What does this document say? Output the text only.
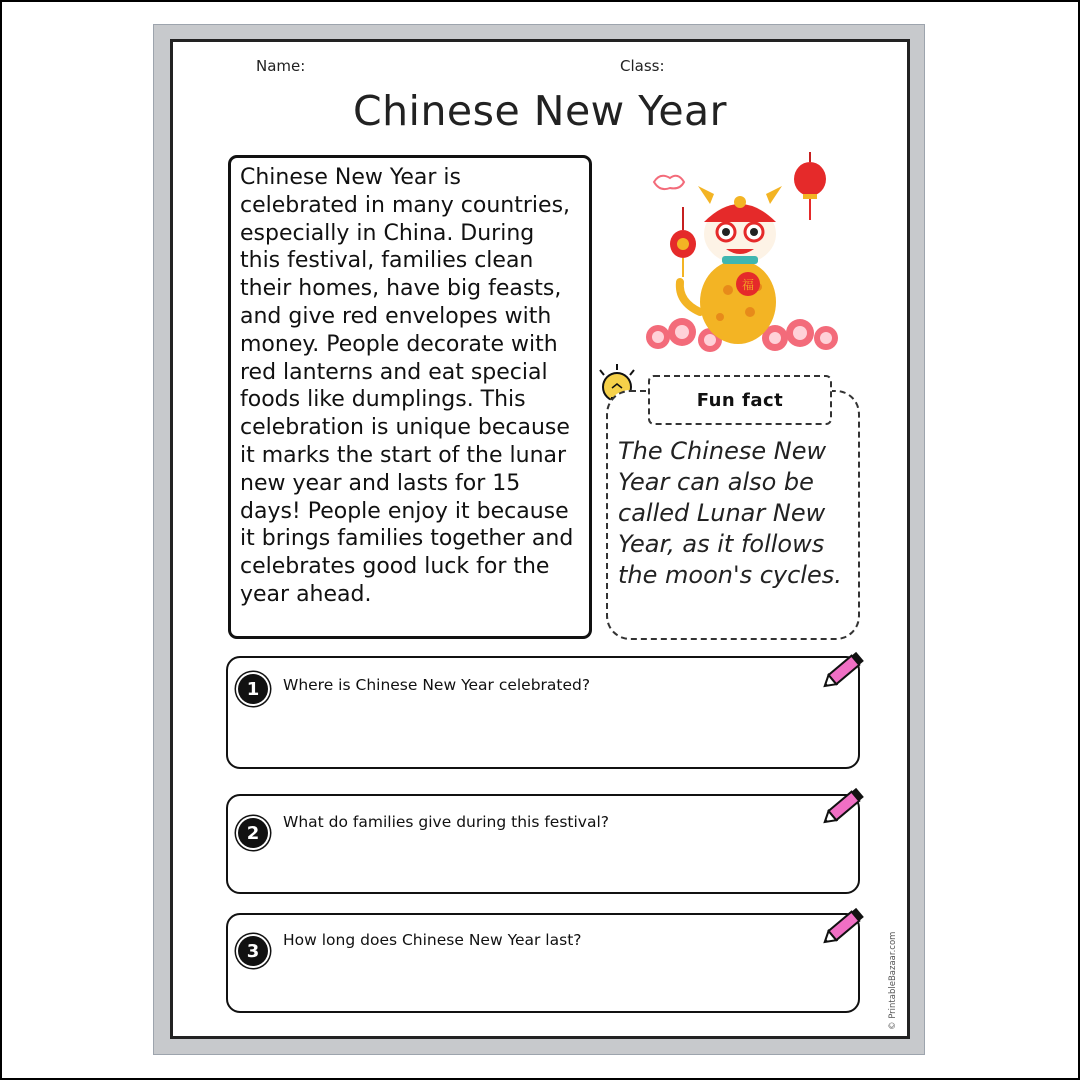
Name:	Class:
Chinese New Year
Chinese New Year is celebrated in many countries, especially in China. During this festival, families clean their homes, have big feasts, and give red envelopes with money. People decorate with red lanterns and eat special foods like dumplings. This celebration is unique because it marks the start of the lunar new year and lasts for 15 days! People enjoy it because it brings families together and celebrates good luck for the year ahead.
福
Fun fact
The Chinese New Year can also be called Lunar New Year, as it follows the moon's cycles.
1	Where is Chinese New Year celebrated?
2
What do families give during this festival?
3
How long does Chinese New Year last?	© PrintableBazaar.com
